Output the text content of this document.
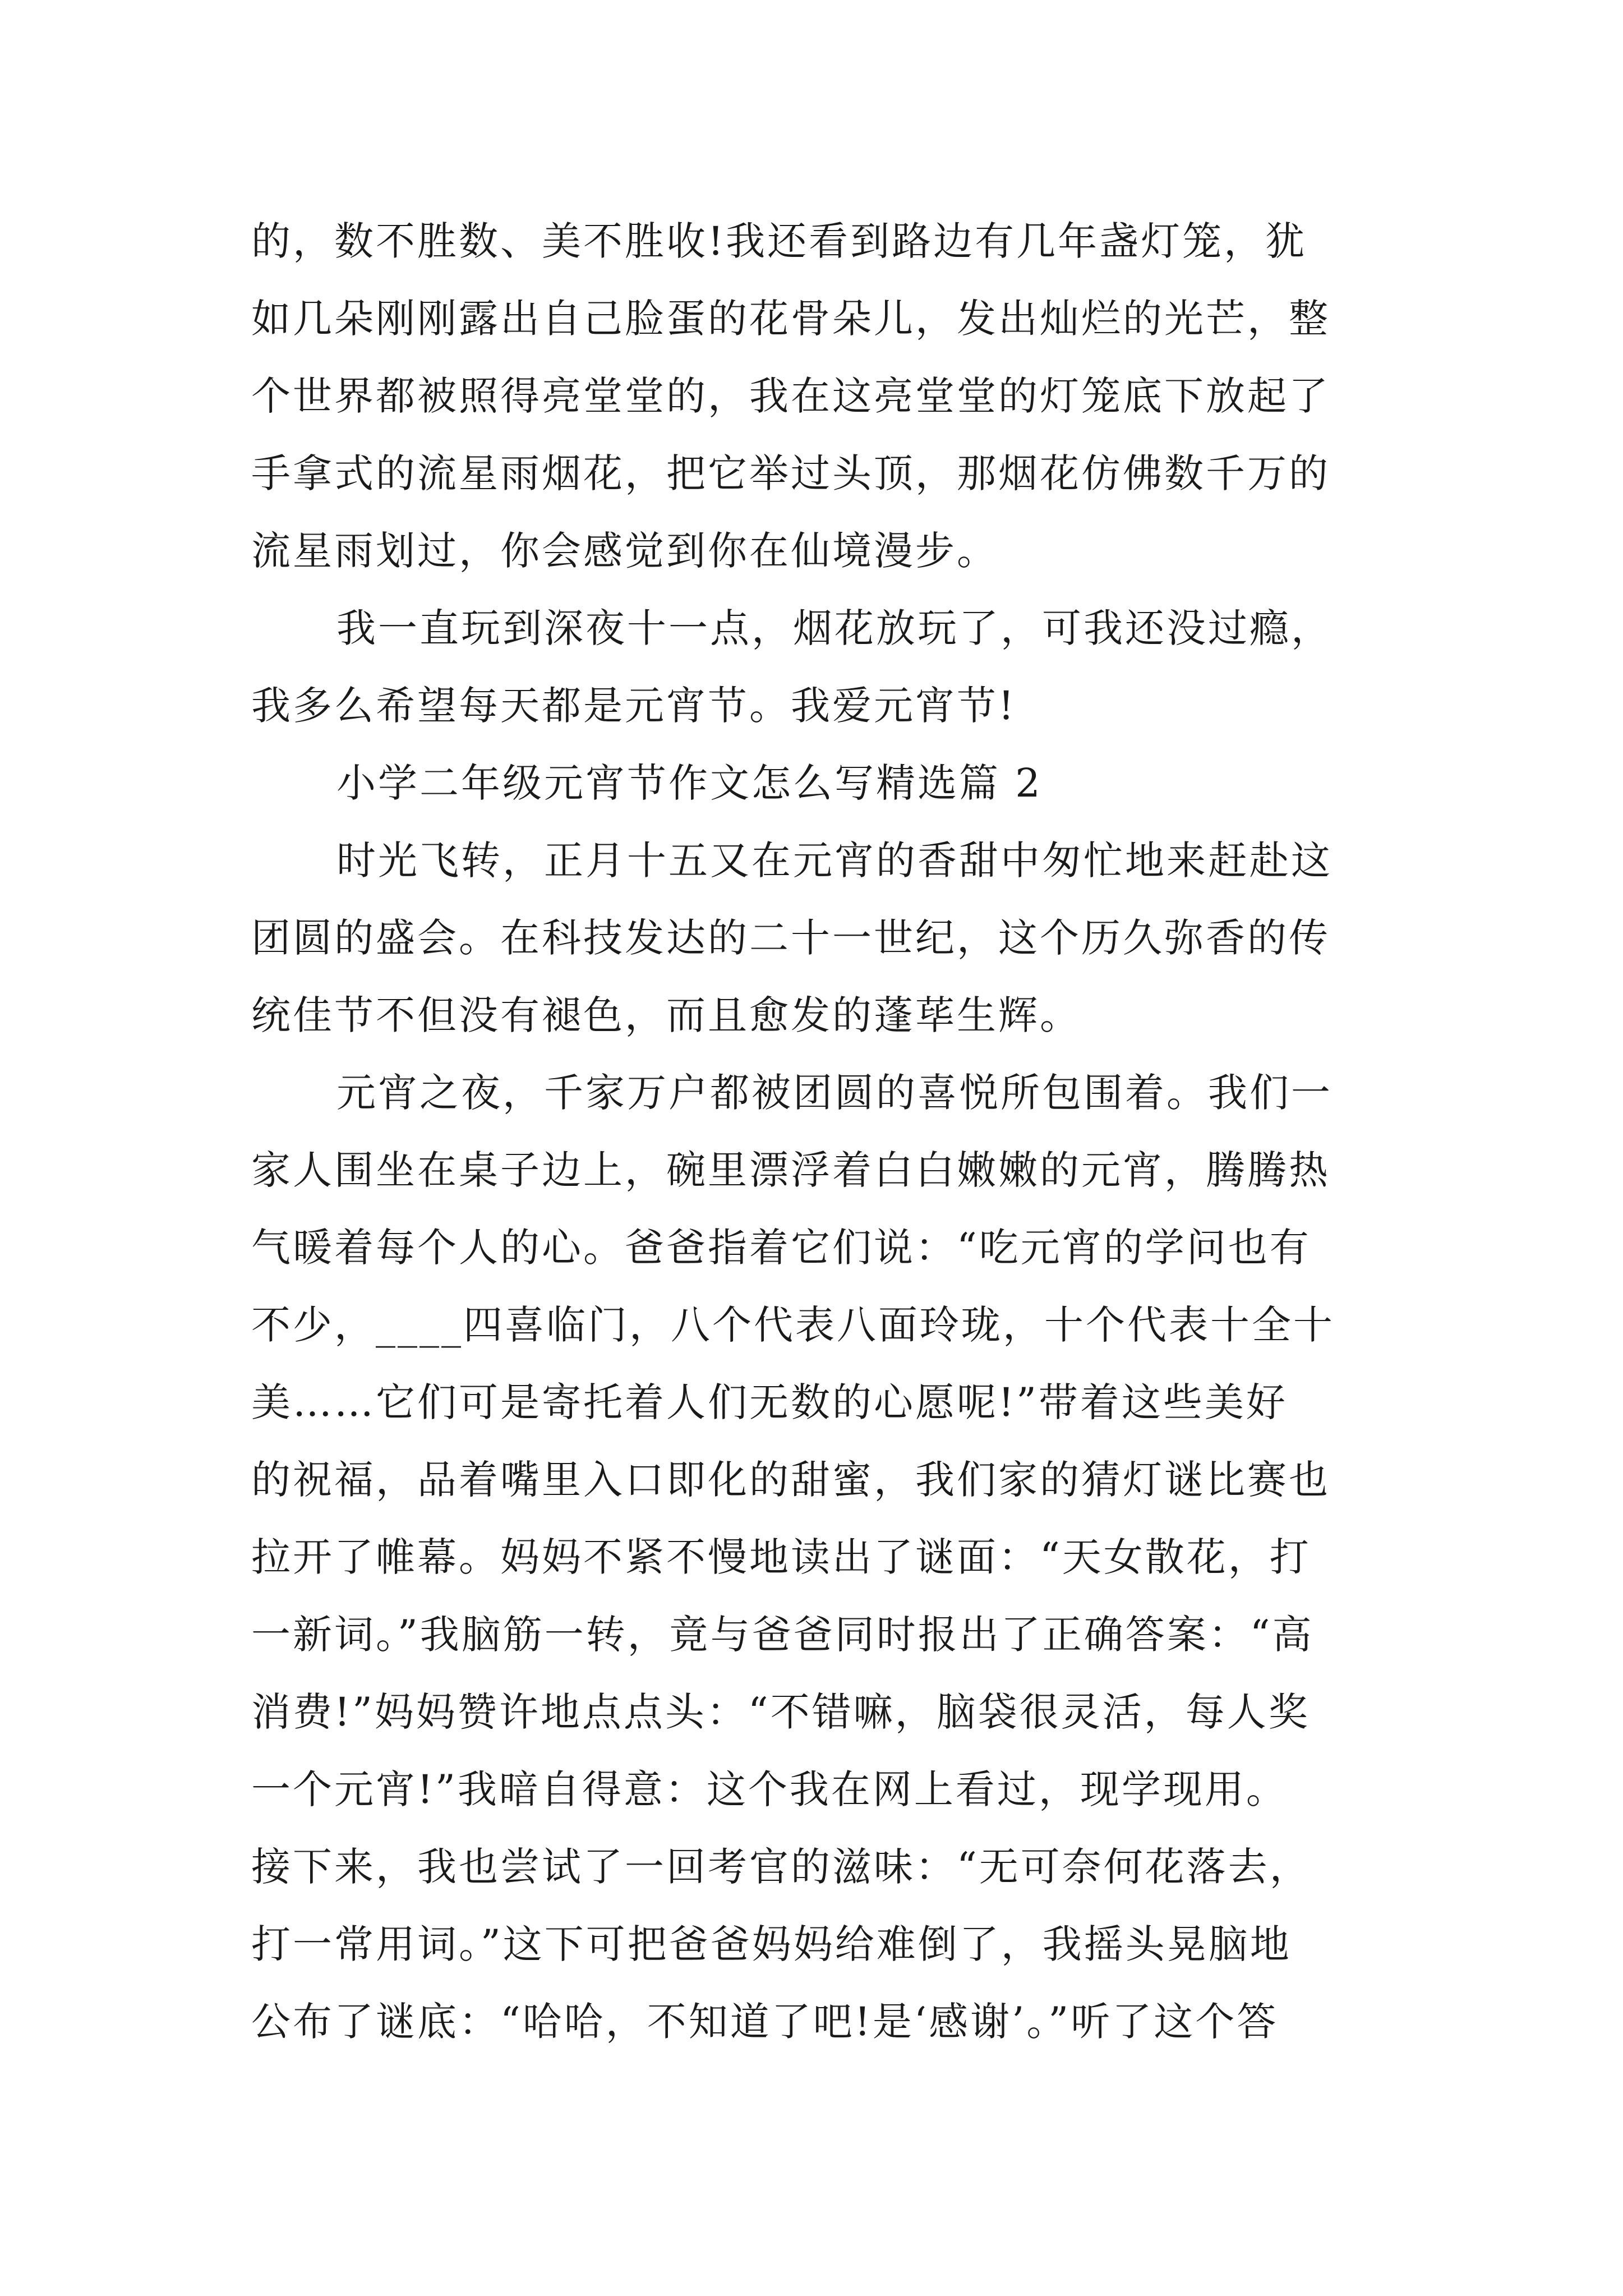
的，数不胜数、美不胜收!我还看到路边有几年盏灯笼，犹
如几朵刚刚露出自己脸蛋的花骨朵儿，发出灿烂的光芒，整
个世界都被照得亮堂堂的，我在这亮堂堂的灯笼底下放起了
手拿式的流星雨烟花，把它举过头顶，那烟花仿佛数千万的
流星雨划过，你会感觉到你在仙境漫步。
我一直玩到深夜十一点，烟花放玩了，可我还没过瘾，
我多么希望每天都是元宵节。我爱元宵节!
小学二年级元宵节作文怎么写精选篇 2
时光飞转，正月十五又在元宵的香甜中匆忙地来赶赴这
团圆的盛会。在科技发达的二十一世纪，这个历久弥香的传
统佳节不但没有褪色，而且愈发的蓬荜生辉。
元宵之夜，千家万户都被团圆的喜悦所包围着。我们一
家人围坐在桌子边上，碗里漂浮着白白嫩嫩的元宵，腾腾热
气暖着每个人的心。爸爸指着它们说：“吃元宵的学问也有
不少，____四喜临门，八个代表八面玲珑，十个代表十全十
美……它们可是寄托着人们无数的心愿呢!”带着这些美好
的祝福，品着嘴里入口即化的甜蜜，我们家的猜灯谜比赛也
拉开了帷幕。妈妈不紧不慢地读出了谜面：“天女散花，打
一新词。”我脑筋一转，竟与爸爸同时报出了正确答案：“高
消费!”妈妈赞许地点点头：“不错嘛，脑袋很灵活，每人奖
一个元宵!”我暗自得意：这个我在网上看过，现学现用。
接下来，我也尝试了一回考官的滋味：“无可奈何花落去，
打一常用词。”这下可把爸爸妈妈给难倒了，我摇头晃脑地
公布了谜底：“哈哈，不知道了吧!是‘感谢’。”听了这个答
